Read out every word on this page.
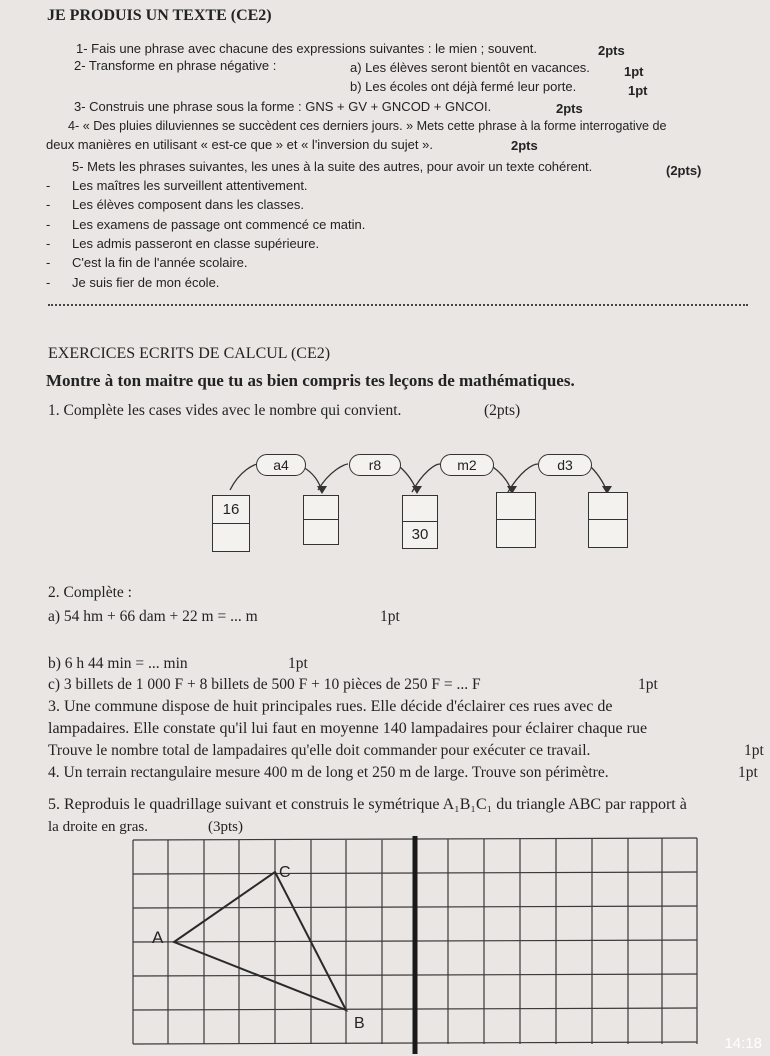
JE PRODUIS UN TEXTE (CE2)
1- Fais une phrase avec chacune des expressions suivantes : le mien ; souvent.	2pts
2- Transforme en phrase négative :	a) Les élèves seront bientôt en vacances.	1pt
b) Les écoles ont déjà fermé leur porte.	1pt
3- Construis une phrase sous la forme : GNS + GV + GNCOD + GNCOI.	2pts
4- « Des pluies diluviennes se succèdent ces derniers jours. » Mets cette phrase à la forme interrogative de
deux manières en utilisant « est-ce que » et « l'inversion du sujet ».	2pts
5- Mets les phrases suivantes, les unes à la suite des autres, pour avoir un texte cohérent.	(2pts)
-      Les maîtres les surveillent attentivement.
-      Les élèves composent dans les classes.
-      Les examens de passage ont commencé ce matin.
-      Les admis passeront en classe supérieure.
-      C'est la fin de l'année scolaire.
-      Je suis fier de mon école.
EXERCICES ECRITS DE CALCUL (CE2)
Montre à ton maitre que tu as bien compris tes leçons de mathématiques.
1. Complète les cases vides avec le nombre qui convient.	(2pts)
a4	r8	m2	d3
16
30
2. Complète :
a) 54 hm + 66 dam + 22 m = ... m	1pt
b) 6 h 44 min = ... min	1pt
c) 3 billets de 1 000 F + 8 billets de 500 F + 10 pièces de 250 F = ... F	1pt
3. Une commune dispose de huit principales rues. Elle décide d'éclairer ces rues avec de
lampadaires. Elle constate qu'il lui faut en moyenne 140 lampadaires pour éclairer chaque rue
Trouve le nombre total de lampadaires qu'elle doit commander pour exécuter ce travail.	1pt
4. Un terrain rectangulaire mesure 400 m de long et 250 m de large. Trouve son périmètre.	1pt
5. Reproduis le quadrillage suivant et construis le symétrique A₁B₁C₁ du triangle ABC par rapport à
la droite en gras.	(3pts)
C
A
B
14:18
